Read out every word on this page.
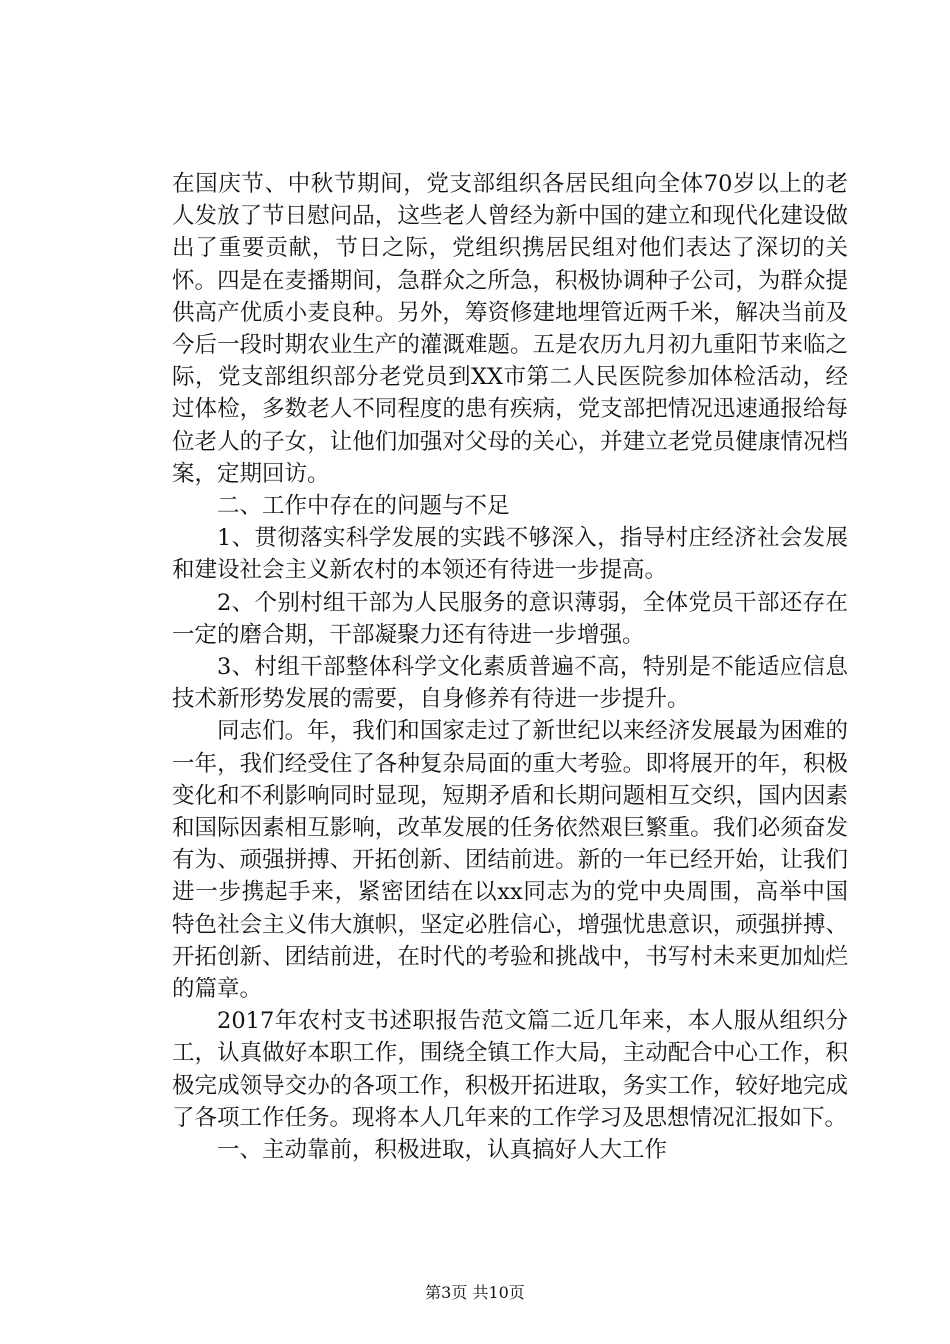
在国庆节、中秋节期间，党支部组织各居民组向全体70岁以上的老人发放了节日慰问品，这些老人曾经为新中国的建立和现代化建设做出了重要贡献，节日之际，党组织携居民组对他们表达了深切的关怀。四是在麦播期间，急群众之所急，积极协调种子公司，为群众提供高产优质小麦良种。另外，筹资修建地埋管近两千米，解决当前及今后一段时期农业生产的灌溉难题。五是农历九月初九重阳节来临之际，党支部组织部分老党员到XX市第二人民医院参加体检活动，经过体检，多数老人不同程度的患有疾病，党支部把情况迅速通报给每位老人的子女，让他们加强对父母的关心，并建立老党员健康情况档案，定期回访。

二、工作中存在的问题与不足

1、贯彻落实科学发展的实践不够深入，指导村庄经济社会发展和建设社会主义新农村的本领还有待进一步提高。

2、个别村组干部为人民服务的意识薄弱，全体党员干部还存在一定的磨合期，干部凝聚力还有待进一步增强。

3、村组干部整体科学文化素质普遍不高，特别是不能适应信息技术新形势发展的需要，自身修养有待进一步提升。

同志们。年，我们和国家走过了新世纪以来经济发展最为困难的一年，我们经受住了各种复杂局面的重大考验。即将展开的年，积极变化和不利影响同时显现，短期矛盾和长期问题相互交织，国内因素和国际因素相互影响，改革发展的任务依然艰巨繁重。我们必须奋发有为、顽强拼搏、开拓创新、团结前进。新的一年已经开始，让我们进一步携起手来，紧密团结在以xx同志为的党中央周围，高举中国特色社会主义伟大旗帜，坚定必胜信心，增强忧患意识，顽强拼搏、开拓创新、团结前进，在时代的考验和挑战中，书写村未来更加灿烂的篇章。

2017年农村支书述职报告范文篇二近几年来，本人服从组织分工，认真做好本职工作，围绕全镇工作大局，主动配合中心工作，积极完成领导交办的各项工作，积极开拓进取，务实工作，较好地完成了各项工作任务。现将本人几年来的工作学习及思想情况汇报如下。

一、主动靠前，积极进取，认真搞好人大工作

第3页 共10页
